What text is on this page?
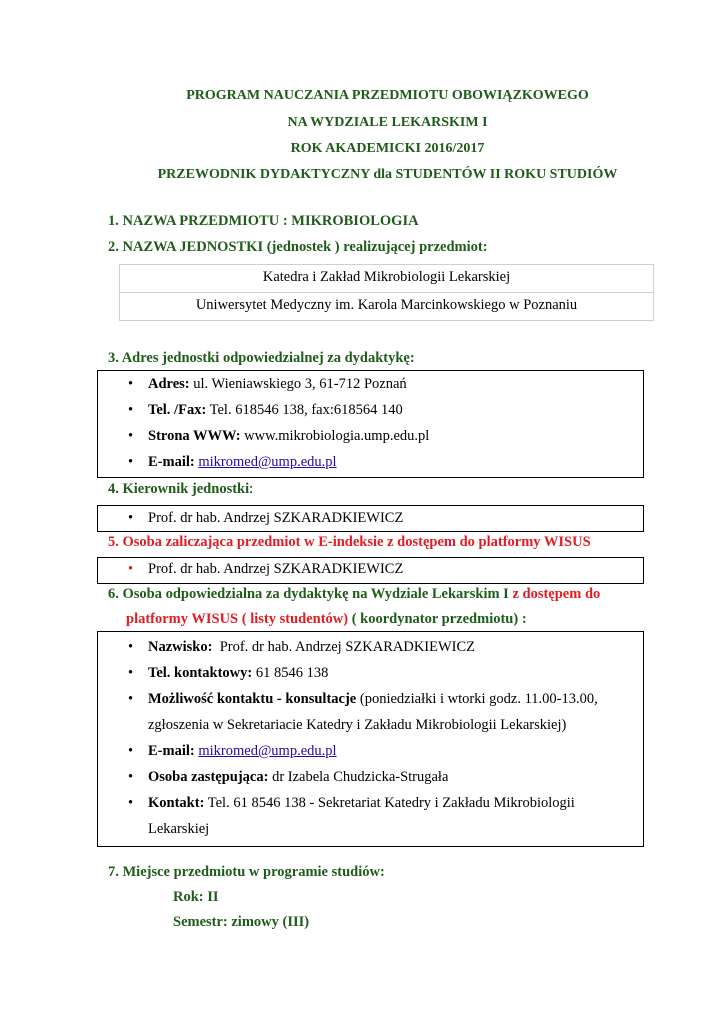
PROGRAM NAUCZANIA PRZEDMIOTU OBOWIĄZKOWEGO
NA WYDZIALE LEKARSKIM I
ROK AKADEMICKI 2016/2017
PRZEWODNIK DYDAKTYCZNY dla STUDENTÓW II ROKU STUDIÓW
1. NAZWA PRZEDMIOTU : MIKROBIOLOGIA
2. NAZWA JEDNOSTKI (jednostek ) realizującej przedmiot:
Katedra i Zakład Mikrobiologii Lekarskiej
Uniwersytet Medyczny im. Karola Marcinkowskiego w Poznaniu
3. Adres jednostki odpowiedzialnej za dydaktykę:
•	Adres: ul. Wieniawskiego 3, 61-712 Poznań
•	Tel. /Fax: Tel. 618546 138, fax:618564 140
•	Strona WWW: www.mikrobiologia.ump.edu.pl
•	E-mail: mikromed@ump.edu.pl
4. Kierownik jednostki:
•	Prof. dr hab. Andrzej SZKARADKIEWICZ
5. Osoba zaliczająca przedmiot w E-indeksie z dostępem do platformy WISUS
•	Prof. dr hab. Andrzej SZKARADKIEWICZ
6. Osoba odpowiedzialna za dydaktykę na Wydziale Lekarskim I z dostępem do
platformy WISUS ( listy studentów) ( koordynator przedmiotu) :
•	Nazwisko:  Prof. dr hab. Andrzej SZKARADKIEWICZ
•	Tel. kontaktowy: 61 8546 138
•	Możliwość kontaktu - konsultacje (poniedziałki i wtorki godz. 11.00-13.00,
zgłoszenia w Sekretariacie Katedry i Zakładu Mikrobiologii Lekarskiej)
•	E-mail: mikromed@ump.edu.pl
•	Osoba zastępująca: dr Izabela Chudzicka-Strugała
•	Kontakt: Tel. 61 8546 138 - Sekretariat Katedry i Zakładu Mikrobiologii
Lekarskiej
7. Miejsce przedmiotu w programie studiów:
Rok: II
Semestr: zimowy (III)
